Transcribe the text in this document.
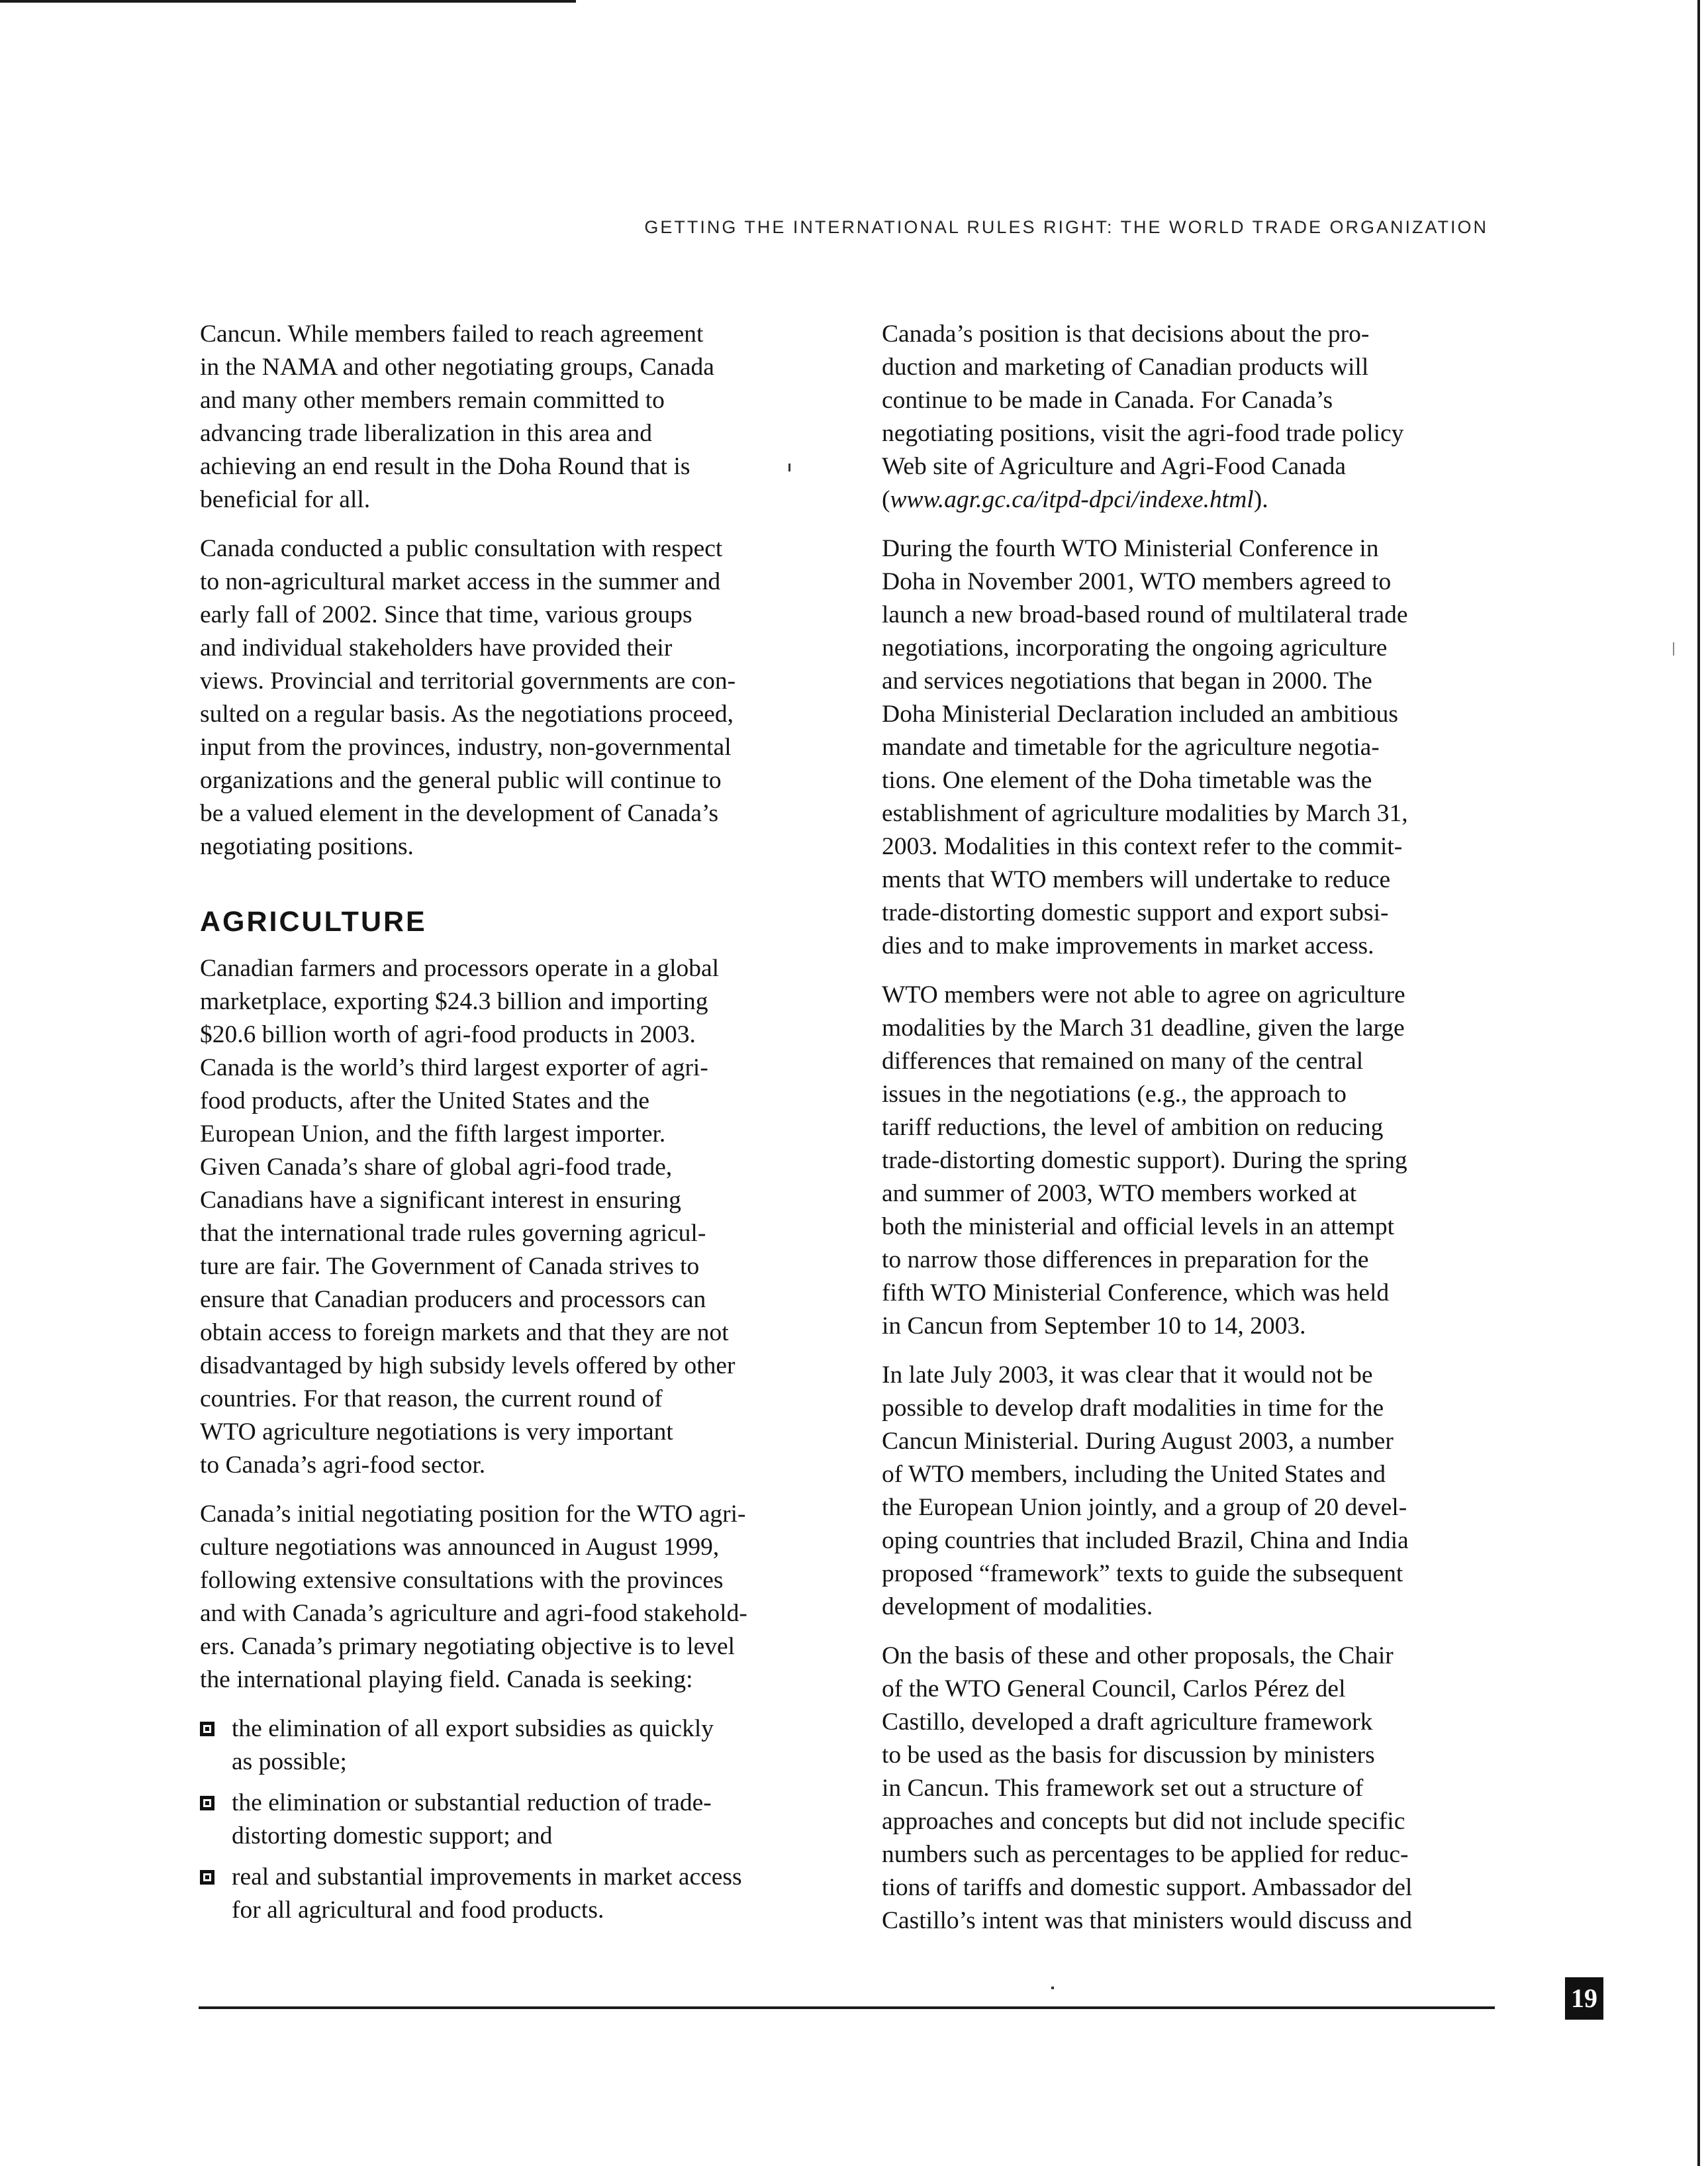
GETTING THE INTERNATIONAL RULES RIGHT: THE WORLD TRADE ORGANIZATION

Cancun. While members failed to reach agreement
in the NAMA and other negotiating groups, Canada
and many other members remain committed to
advancing trade liberalization in this area and
achieving an end result in the Doha Round that is
beneficial for all.

Canada conducted a public consultation with respect
to non-agricultural market access in the summer and
early fall of 2002. Since that time, various groups
and individual stakeholders have provided their
views. Provincial and territorial governments are con-
sulted on a regular basis. As the negotiations proceed,
input from the provinces, industry, non-governmental
organizations and the general public will continue to
be a valued element in the development of Canada’s
negotiating positions.

AGRICULTURE

Canadian farmers and processors operate in a global
marketplace, exporting $24.3 billion and importing
$20.6 billion worth of agri-food products in 2003.
Canada is the world’s third largest exporter of agri-
food products, after the United States and the
European Union, and the fifth largest importer.
Given Canada’s share of global agri-food trade,
Canadians have a significant interest in ensuring
that the international trade rules governing agricul-
ture are fair. The Government of Canada strives to
ensure that Canadian producers and processors can
obtain access to foreign markets and that they are not
disadvantaged by high subsidy levels offered by other
countries. For that reason, the current round of
WTO agriculture negotiations is very important
to Canada’s agri-food sector.

Canada’s initial negotiating position for the WTO agri-
culture negotiations was announced in August 1999,
following extensive consultations with the provinces
and with Canada’s agriculture and agri-food stakehold-
ers. Canada’s primary negotiating objective is to level
the international playing field. Canada is seeking:

the elimination of all export subsidies as quickly
as possible;
the elimination or substantial reduction of trade-
distorting domestic support; and
real and substantial improvements in market access
for all agricultural and food products.

Canada’s position is that decisions about the pro-
duction and marketing of Canadian products will
continue to be made in Canada. For Canada’s
negotiating positions, visit the agri-food trade policy
Web site of Agriculture and Agri-Food Canada
(www.agr.gc.ca/itpd-dpci/indexe.html).

During the fourth WTO Ministerial Conference in
Doha in November 2001, WTO members agreed to
launch a new broad-based round of multilateral trade
negotiations, incorporating the ongoing agriculture
and services negotiations that began in 2000. The
Doha Ministerial Declaration included an ambitious
mandate and timetable for the agriculture negotia-
tions. One element of the Doha timetable was the
establishment of agriculture modalities by March 31,
2003. Modalities in this context refer to the commit-
ments that WTO members will undertake to reduce
trade-distorting domestic support and export subsi-
dies and to make improvements in market access.

WTO members were not able to agree on agriculture
modalities by the March 31 deadline, given the large
differences that remained on many of the central
issues in the negotiations (e.g., the approach to
tariff reductions, the level of ambition on reducing
trade-distorting domestic support). During the spring
and summer of 2003, WTO members worked at
both the ministerial and official levels in an attempt
to narrow those differences in preparation for the
fifth WTO Ministerial Conference, which was held
in Cancun from September 10 to 14, 2003.

In late July 2003, it was clear that it would not be
possible to develop draft modalities in time for the
Cancun Ministerial. During August 2003, a number
of WTO members, including the United States and
the European Union jointly, and a group of 20 devel-
oping countries that included Brazil, China and India
proposed “framework” texts to guide the subsequent
development of modalities.

On the basis of these and other proposals, the Chair
of the WTO General Council, Carlos Pérez del
Castillo, developed a draft agriculture framework
to be used as the basis for discussion by ministers
in Cancun. This framework set out a structure of
approaches and concepts but did not include specific
numbers such as percentages to be applied for reduc-
tions of tariffs and domestic support. Ambassador del
Castillo’s intent was that ministers would discuss and

19
